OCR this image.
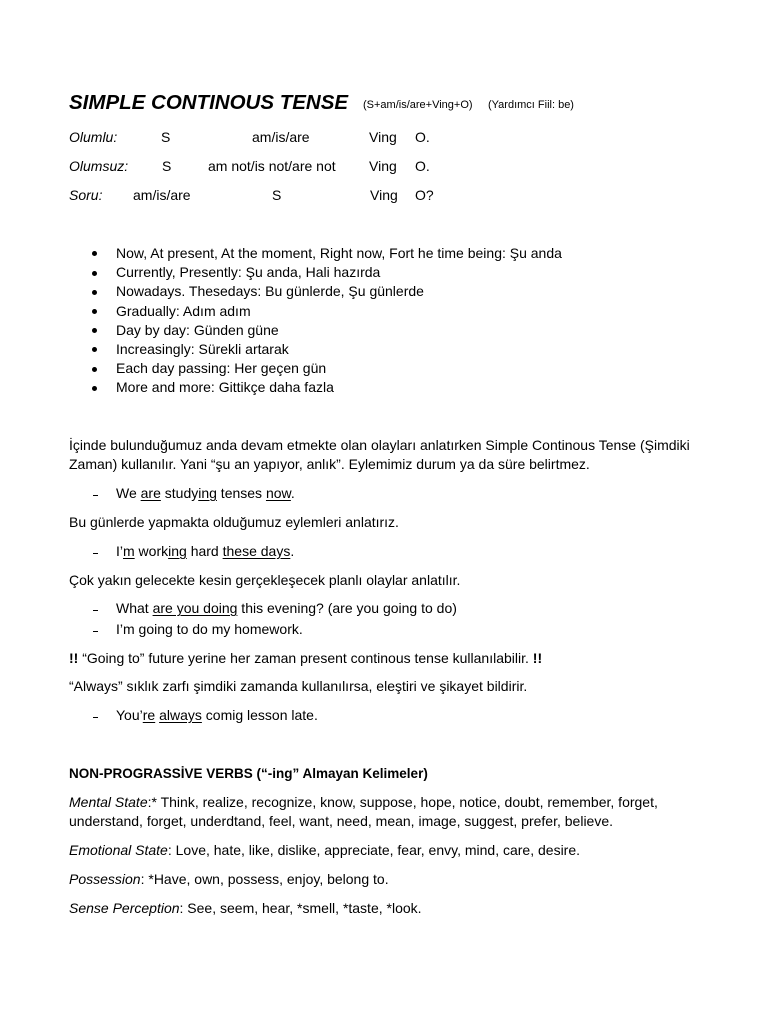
SIMPLE CONTINOUS TENSE (S+am/is/are+Ving+O) (Yardımcı Fiil: be)
Olumlu:	S	am/is/are	Ving O.
Olumsuz: S	am not/is not/are not Ving O.
Soru: am/is/are	S	Ving O?
Now, At present, At the moment, Right now, Fort he time being: Şu anda
Currently, Presently: Şu anda, Hali hazırda
Nowadays. Thesedays: Bu günlerde, Şu günlerde
Gradually: Adım adım
Day by day: Günden güne
Increasingly: Sürekli artarak
Each day passing: Her geçen gün
More and more: Gittikçe daha fazla
İçinde bulunduğumuz anda devam etmekte olan olayları anlatırken Simple Continous Tense (Şimdiki
Zaman) kullanılır. Yani “şu an yapıyor, anlık”. Eylemimiz durum ya da süre belirtmez.
We are studying tenses now.
Bu günlerde yapmakta olduğumuz eylemleri anlatırız.
I’m working hard these days.
Çok yakın gelecekte kesin gerçekleşecek planlı olaylar anlatılır.
What are you doing this evening? (are you going to do)
I’m going to do my homework.
!! “Going to” future yerine her zaman present continous tense kullanılabilir. !!
“Always” sıklık zarfı şimdiki zamanda kullanılırsa, eleştiri ve şikayet bildirir.
You’re always comig lesson late.
NON-PROGRASSİVE VERBS (“-ing” Almayan Kelimeler)
Mental State:* Think, realize, recognize, know, suppose, hope, notice, doubt, remember, forget,
understand, forget, underdtand, feel, want, need, mean, image, suggest, prefer, believe.
Emotional State: Love, hate, like, dislike, appreciate, fear, envy, mind, care, desire.
Possession: *Have, own, possess, enjoy, belong to.
Sense Perception: See, seem, hear, *smell, *taste, *look.
